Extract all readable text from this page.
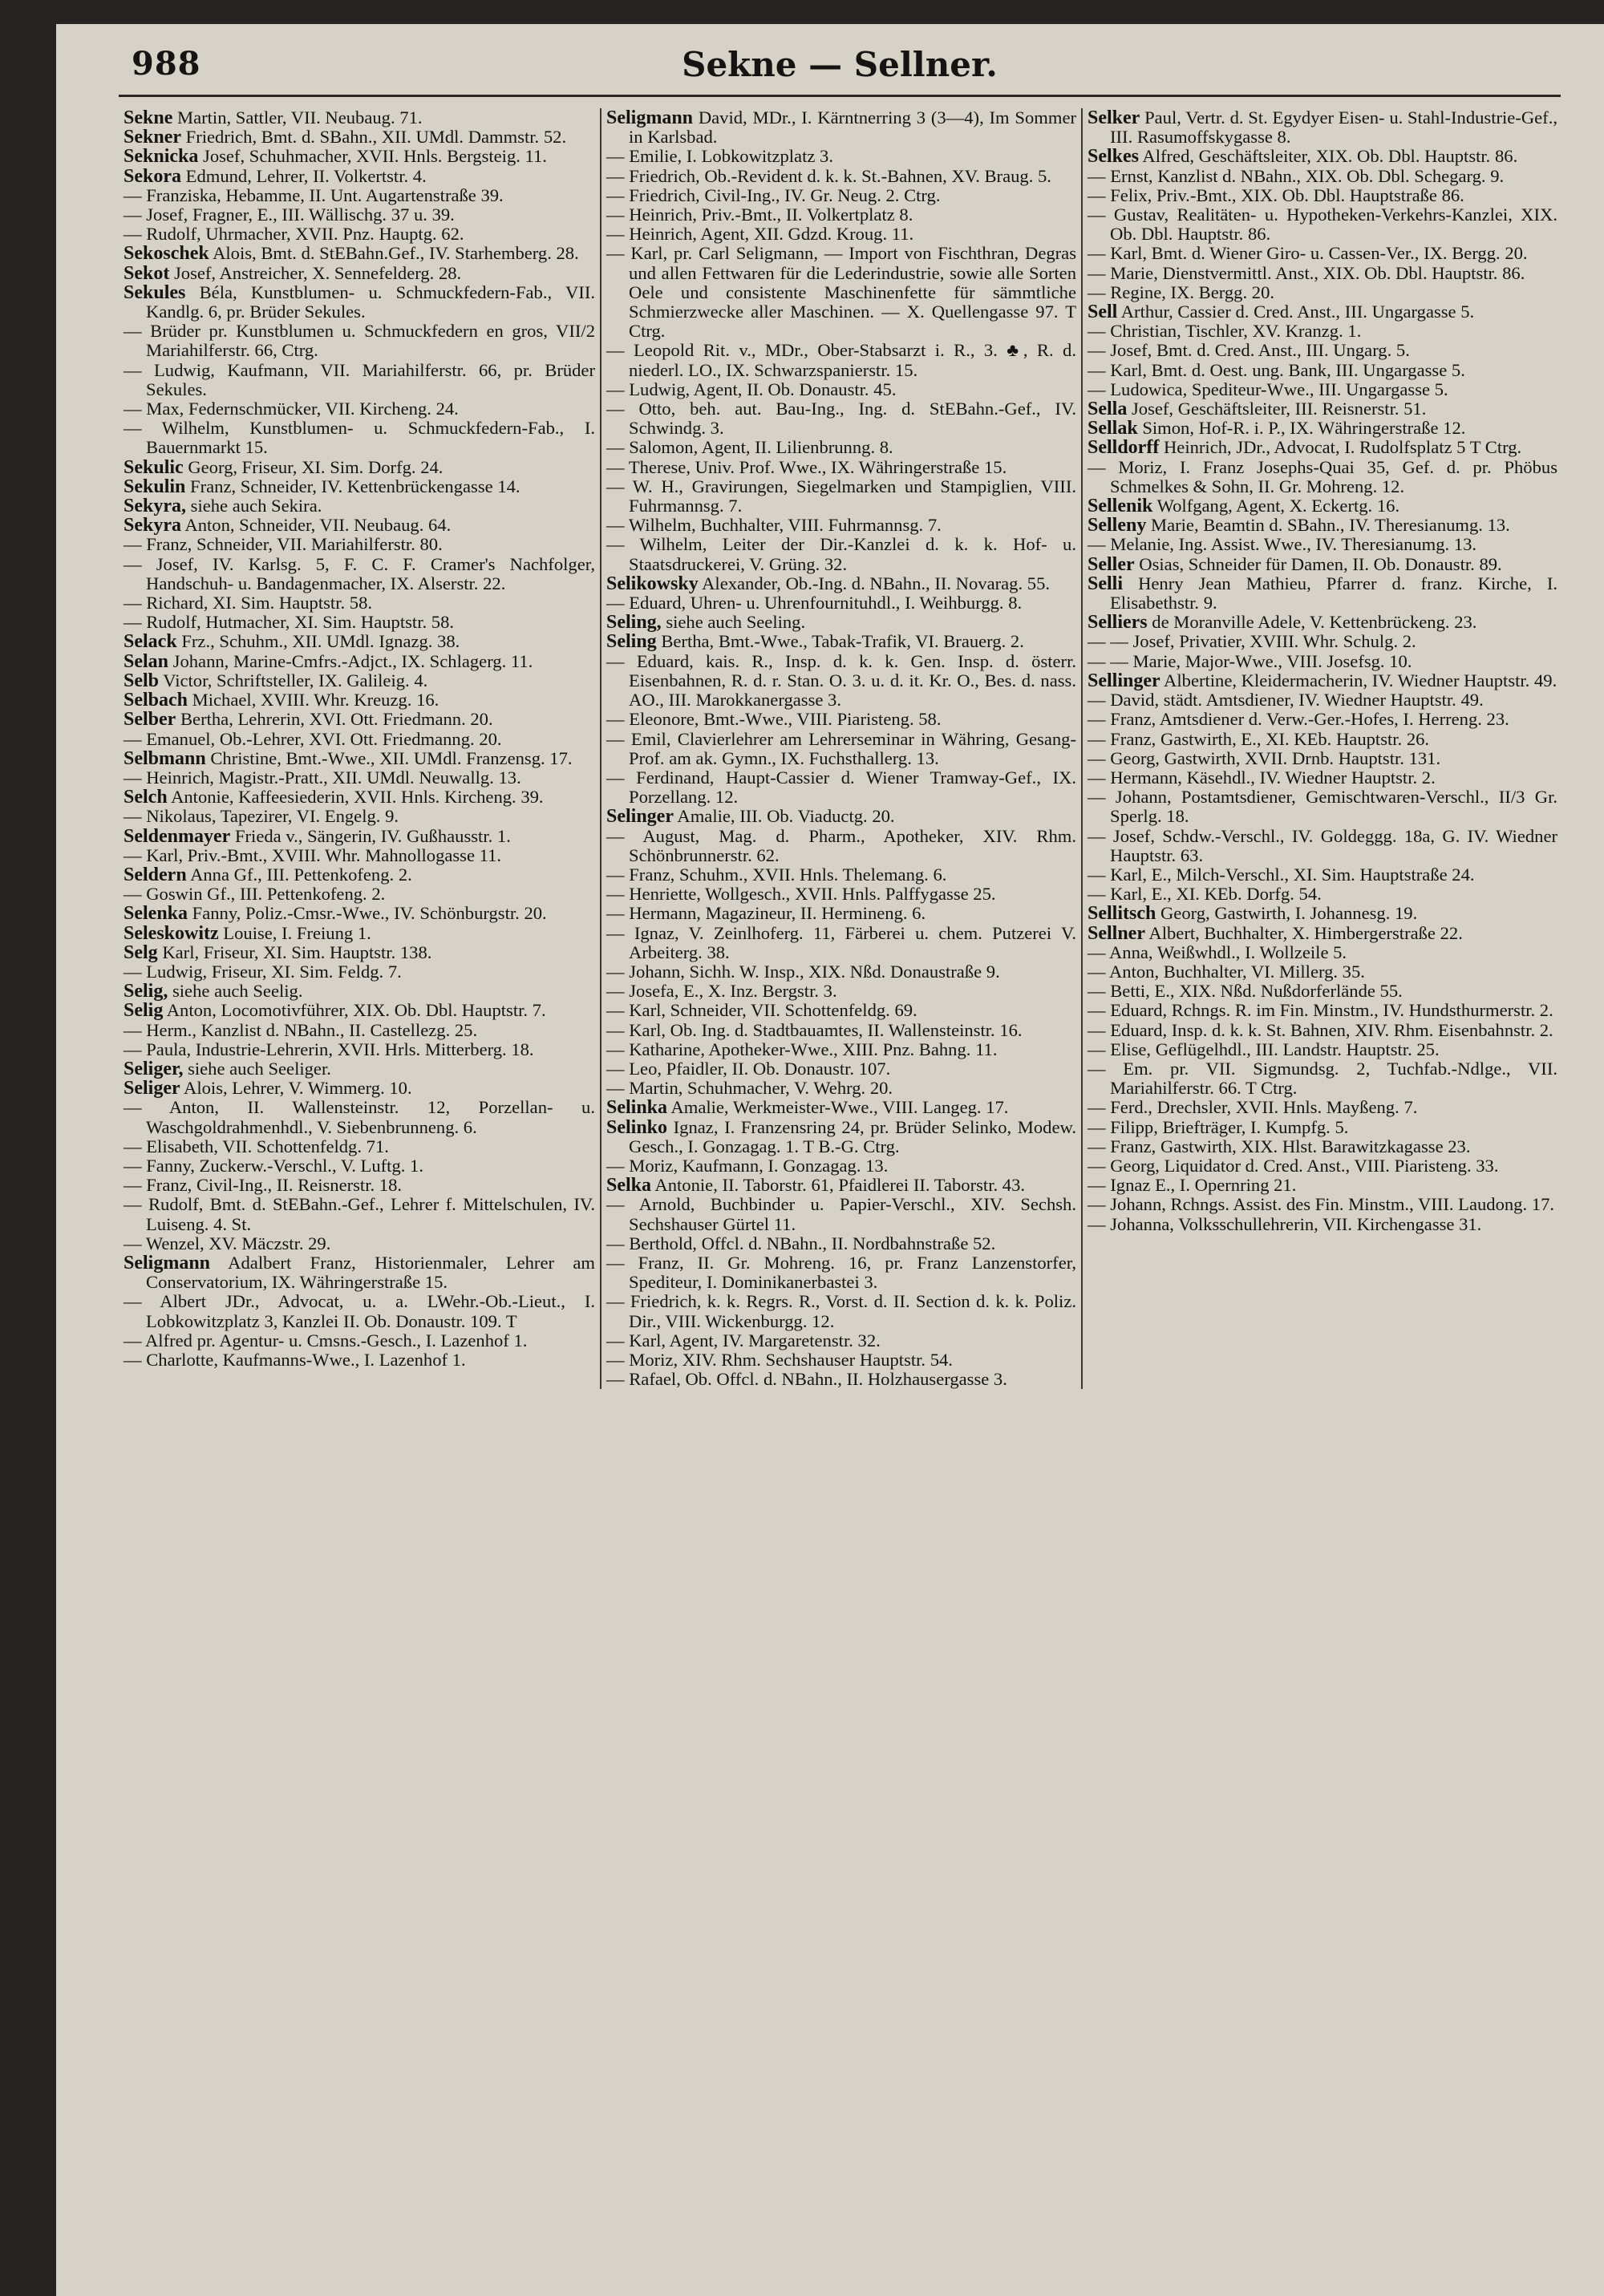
988	Sekne — Sellner.
Sekne Martin, Sattler, VII. Neubaug. 71.
Sekner Friedrich, Bmt. d. SBahn., XII. UMdl. Dammstr. 52.
Seknicka Josef, Schuhmacher, XVII. Hnls. Bergsteig. 11.
Sekora Edmund, Lehrer, II. Volkertstr. 4.
— Franziska, Hebamme, II. Unt. Augartenstraße 39.
— Josef, Fragner, E., III. Wällischg. 37 u. 39.
— Rudolf, Uhrmacher, XVII. Pnz. Hauptg. 62.
Sekoschek Alois, Bmt. d. StEBahn.Gef., IV. Starhemberg. 28.
Sekot Josef, Anstreicher, X. Sennefelderg. 28.
Sekules Béla, Kunstblumen- u. Schmuckfedern-Fab., VII. Kandlg. 6, pr. Brüder Sekules.
— Brüder pr. Kunstblumen u. Schmuckfedern en gros, VII/2 Mariahilferstr. 66, Ctrg.
— Ludwig, Kaufmann, VII. Mariahilferstr. 66, pr. Brüder Sekules.
— Max, Federnschmücker, VII. Kircheng. 24.
— Wilhelm, Kunstblumen- u. Schmuckfedern-Fab., I. Bauernmarkt 15.
Sekulic Georg, Friseur, XI. Sim. Dorfg. 24.
Sekulin Franz, Schneider, IV. Kettenbrückengasse 14.
Sekyra, siehe auch Sekira.
Sekyra Anton, Schneider, VII. Neubaug. 64.
— Franz, Schneider, VII. Mariahilferstr. 80.
— Josef, IV. Karlsg. 5, F. C. F. Cramer's Nachfolger, Handschuh- u. Bandagenmacher, IX. Alserstr. 22.
— Richard, XI. Sim. Hauptstr. 58.
— Rudolf, Hutmacher, XI. Sim. Hauptstr. 58.
Selack Frz., Schuhm., XII. UMdl. Ignazg. 38.
Selan Johann, Marine-Cmfrs.-Adjct., IX. Schlagerg. 11.
Selb Victor, Schriftsteller, IX. Galileig. 4.
Selbach Michael, XVIII. Whr. Kreuzg. 16.
Selber Bertha, Lehrerin, XVI. Ott. Friedmann. 20.
— Emanuel, Ob.-Lehrer, XVI. Ott. Friedmanng. 20.
Selbmann Christine, Bmt.-Wwe., XII. UMdl. Franzensg. 17.
— Heinrich, Magistr.-Pratt., XII. UMdl. Neuwallg. 13.
Selch Antonie, Kaffeesiederin, XVII. Hnls. Kircheng. 39.
— Nikolaus, Tapezirer, VI. Engelg. 9.
Seldenmayer Frieda v., Sängerin, IV. Gußhausstr. 1.
— Karl, Priv.-Bmt., XVIII. Whr. Mahnollogasse 11.
Seldern Anna Gf., III. Pettenkofeng. 2.
— Goswin Gf., III. Pettenkofeng. 2.
Selenka Fanny, Poliz.-Cmsr.-Wwe., IV. Schönburgstr. 20.
Seleskowitz Louise, I. Freiung 1.
Selg Karl, Friseur, XI. Sim. Hauptstr. 138.
— Ludwig, Friseur, XI. Sim. Feldg. 7.
Selig, siehe auch Seelig.
Selig Anton, Locomotivführer, XIX. Ob. Dbl. Hauptstr. 7.
— Herm., Kanzlist d. NBahn., II. Castellezg. 25.
— Paula, Industrie-Lehrerin, XVII. Hrls. Mitterberg. 18.
Seliger, siehe auch Seeliger.
Seliger Alois, Lehrer, V. Wimmerg. 10.
— Anton, II. Wallensteinstr. 12, Porzellan- u. Waschgoldrahmenhdl., V. Siebenbrunneng. 6.
— Elisabeth, VII. Schottenfeldg. 71.
— Fanny, Zuckerw.-Verschl., V. Luftg. 1.
— Franz, Civil-Ing., II. Reisnerstr. 18.
— Rudolf, Bmt. d. StEBahn.-Gef., Lehrer f. Mittelschulen, IV. Luiseng. 4. St.
— Wenzel, XV. Mäczstr. 29.
Seligmann Adalbert Franz, Historienmaler, Lehrer am Conservatorium, IX. Währingerstraße 15.
— Albert JDr., Advocat, u. a. LWehr.-Ob.-Lieut., I. Lobkowitzplatz 3, Kanzlei II. Ob. Donaustr. 109. T
— Alfred pr. Agentur- u. Cmsns.-Gesch., I. Lazenhof 1.
— Charlotte, Kaufmanns-Wwe., I. Lazenhof 1.
Seligmann David, MDr., I. Kärntnerring 3 (3—4), Im Sommer in Karlsbad.
— Emilie, I. Lobkowitzplatz 3.
— Friedrich, Ob.-Revident d. k. k. St.-Bahnen, XV. Braug. 5.
— Friedrich, Civil-Ing., IV. Gr. Neug. 2. Ctrg.
— Heinrich, Priv.-Bmt., II. Volkertplatz 8.
— Heinrich, Agent, XII. Gdzd. Kroug. 11.
— Karl, pr. Carl Seligmann, — Import von Fischthran, Degras und allen Fettwaren für die Lederindustrie, sowie alle Sorten Oele und consistente Maschinenfette für sämmtliche Schmierzwecke aller Maschinen. — X. Quellengasse 97. T Ctrg.
— Leopold Rit. v., MDr., Ober-Stabsarzt i. R., 3. ♣, R. d. niederl. LO., IX. Schwarzspanierstr. 15.
— Ludwig, Agent, II. Ob. Donaustr. 45.
— Otto, beh. aut. Bau-Ing., Ing. d. StEBahn.-Gef., IV. Schwindg. 3.
— Salomon, Agent, II. Lilienbrunng. 8.
— Therese, Univ. Prof. Wwe., IX. Währingerstraße 15.
— W. H., Gravirungen, Siegelmarken und Stampiglien, VIII. Fuhrmannsg. 7.
— Wilhelm, Buchhalter, VIII. Fuhrmannsg. 7.
— Wilhelm, Leiter der Dir.-Kanzlei d. k. k. Hof- u. Staatsdruckerei, V. Grüng. 32.
Selikowsky Alexander, Ob.-Ing. d. NBahn., II. Novarag. 55.
— Eduard, Uhren- u. Uhrenfournituhdl., I. Weihburgg. 8.
Seling, siehe auch Seeling.
Seling Bertha, Bmt.-Wwe., Tabak-Trafik, VI. Brauerg. 2.
— Eduard, kais. R., Insp. d. k. k. Gen. Insp. d. österr. Eisenbahnen, R. d. r. Stan. O. 3. u. d. it. Kr. O., Bes. d. nass. AO., III. Marokkanergasse 3.
— Eleonore, Bmt.-Wwe., VIII. Piaristeng. 58.
— Emil, Clavierlehrer am Lehrerseminar in Währing, Gesang-Prof. am ak. Gymn., IX. Fuchsthallerg. 13.
— Ferdinand, Haupt-Cassier d. Wiener Tramway-Gef., IX. Porzellang. 12.
Selinger Amalie, III. Ob. Viaductg. 20.
— August, Mag. d. Pharm., Apotheker, XIV. Rhm. Schönbrunnerstr. 62.
— Franz, Schuhm., XVII. Hnls. Thelemang. 6.
— Henriette, Wollgesch., XVII. Hnls. Palffygasse 25.
— Hermann, Magazineur, II. Hermineng. 6.
— Ignaz, V. Zeinlhoferg. 11, Färberei u. chem. Putzerei V. Arbeiterg. 38.
— Johann, Sichh. W. Insp., XIX. Nßd. Donaustraße 9.
— Josefa, E., X. Inz. Bergstr. 3.
— Karl, Schneider, VII. Schottenfeldg. 69.
— Karl, Ob. Ing. d. Stadtbauamtes, II. Wallensteinstr. 16.
— Katharine, Apotheker-Wwe., XIII. Pnz. Bahng. 11.
— Leo, Pfaidler, II. Ob. Donaustr. 107.
— Martin, Schuhmacher, V. Wehrg. 20.
Selinka Amalie, Werkmeister-Wwe., VIII. Langeg. 17.
Selinko Ignaz, I. Franzensring 24, pr. Brüder Selinko, Modew. Gesch., I. Gonzagag. 1. T B.-G. Ctrg.
— Moriz, Kaufmann, I. Gonzagag. 13.
Selka Antonie, II. Taborstr. 61, Pfaidlerei II. Taborstr. 43.
— Arnold, Buchbinder u. Papier-Verschl., XIV. Sechsh. Sechshauser Gürtel 11.
— Berthold, Offcl. d. NBahn., II. Nordbahnstraße 52.
— Franz, II. Gr. Mohreng. 16, pr. Franz Lanzenstorfer, Spediteur, I. Dominikanerbastei 3.
— Friedrich, k. k. Regrs. R., Vorst. d. II. Section d. k. k. Poliz. Dir., VIII. Wickenburgg. 12.
— Karl, Agent, IV. Margaretenstr. 32.
— Moriz, XIV. Rhm. Sechshauser Hauptstr. 54.
— Rafael, Ob. Offcl. d. NBahn., II. Holzhausergasse 3.
Selker Paul, Vertr. d. St. Egydyer Eisen- u. Stahl-Industrie-Gef., III. Rasumoffskygasse 8.
Selkes Alfred, Geschäftsleiter, XIX. Ob. Dbl. Hauptstr. 86.
— Ernst, Kanzlist d. NBahn., XIX. Ob. Dbl. Schegarg. 9.
— Felix, Priv.-Bmt., XIX. Ob. Dbl. Hauptstraße 86.
— Gustav, Realitäten- u. Hypotheken-Verkehrs-Kanzlei, XIX. Ob. Dbl. Hauptstr. 86.
— Karl, Bmt. d. Wiener Giro- u. Cassen-Ver., IX. Bergg. 20.
— Marie, Dienstvermittl. Anst., XIX. Ob. Dbl. Hauptstr. 86.
— Regine, IX. Bergg. 20.
Sell Arthur, Cassier d. Cred. Anst., III. Ungargasse 5.
— Christian, Tischler, XV. Kranzg. 1.
— Josef, Bmt. d. Cred. Anst., III. Ungarg. 5.
— Karl, Bmt. d. Oest. ung. Bank, III. Ungargasse 5.
— Ludowica, Spediteur-Wwe., III. Ungargasse 5.
Sella Josef, Geschäftsleiter, III. Reisnerstr. 51.
Sellak Simon, Hof-R. i. P., IX. Währingerstraße 12.
Selldorff Heinrich, JDr., Advocat, I. Rudolfsplatz 5 T Ctrg.
— Moriz, I. Franz Josephs-Quai 35, Gef. d. pr. Phöbus Schmelkes & Sohn, II. Gr. Mohreng. 12.
Sellenik Wolfgang, Agent, X. Eckertg. 16.
Selleny Marie, Beamtin d. SBahn., IV. Theresianumg. 13.
— Melanie, Ing. Assist. Wwe., IV. Theresianumg. 13.
Seller Osias, Schneider für Damen, II. Ob. Donaustr. 89.
Selli Henry Jean Mathieu, Pfarrer d. franz. Kirche, I. Elisabethstr. 9.
Selliers de Moranville Adele, V. Kettenbrückeng. 23.
— — Josef, Privatier, XVIII. Whr. Schulg. 2.
— — Marie, Major-Wwe., VIII. Josefsg. 10.
Sellinger Albertine, Kleidermacherin, IV. Wiedner Hauptstr. 49.
— David, städt. Amtsdiener, IV. Wiedner Hauptstr. 49.
— Franz, Amtsdiener d. Verw.-Ger.-Hofes, I. Herreng. 23.
— Franz, Gastwirth, E., XI. KEb. Hauptstr. 26.
— Georg, Gastwirth, XVII. Drnb. Hauptstr. 131.
— Hermann, Käsehdl., IV. Wiedner Hauptstr. 2.
— Johann, Postamtsdiener, Gemischtwaren-Verschl., II/3 Gr. Sperlg. 18.
— Josef, Schdw.-Verschl., IV. Goldeggg. 18a, G. IV. Wiedner Hauptstr. 63.
— Karl, E., Milch-Verschl., XI. Sim. Hauptstraße 24.
— Karl, E., XI. KEb. Dorfg. 54.
Sellitsch Georg, Gastwirth, I. Johannesg. 19.
Sellner Albert, Buchhalter, X. Himbergerstraße 22.
— Anna, Weißwhdl., I. Wollzeile 5.
— Anton, Buchhalter, VI. Millerg. 35.
— Betti, E., XIX. Nßd. Nußdorferlände 55.
— Eduard, Rchngs. R. im Fin. Minstm., IV. Hundsthurmerstr. 2.
— Eduard, Insp. d. k. k. St. Bahnen, XIV. Rhm. Eisenbahnstr. 2.
— Elise, Geflügelhdl., III. Landstr. Hauptstr. 25.
— Em. pr. VII. Sigmundsg. 2, Tuchfab.-Ndlge., VII. Mariahilferstr. 66. T Ctrg.
— Ferd., Drechsler, XVII. Hnls. Mayßeng. 7.
— Filipp, Briefträger, I. Kumpfg. 5.
— Franz, Gastwirth, XIX. Hlst. Barawitzkagasse 23.
— Georg, Liquidator d. Cred. Anst., VIII. Piaristeng. 33.
— Ignaz E., I. Opernring 21.
— Johann, Rchngs. Assist. des Fin. Minstm., VIII. Laudong. 17.
— Johanna, Volksschullehrerin, VII. Kirchengasse 31.
